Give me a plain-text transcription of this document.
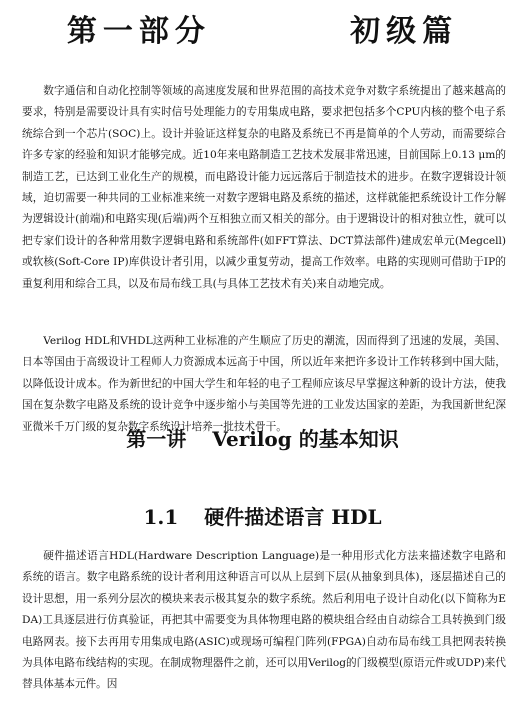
第一部分   初级篇

数字通信和自动化控制等领域的高速度发展和世界范围的高技术竞争对数字系统提出了越来越高的要求，特别是需要设计具有实时信号处理能力的专用集成电路，要求把包括多个CPU内核的整个电子系统综合到一个芯片(SOC)上。设计并验证这样复杂的电路及系统已不再是简单的个人劳动，而需要综合许多专家的经验和知识才能够完成。近10年来电路制造工艺技术发展非常迅速，目前国际上0.13 μm的制造工艺，已达到工业化生产的规模，而电路设计能力远远落后于制造技术的进步。在数字逻辑设计领域，迫切需要一种共同的工业标准来统一对数字逻辑电路及系统的描述，这样就能把系统设计工作分解为逻辑设计(前端)和电路实现(后端)两个互相独立而又相关的部分。由于逻辑设计的相对独立性，就可以把专家们设计的各种常用数字逻辑电路和系统部件(如FFT算法、DCT算法部件)建成宏单元(Megcell)或软核(Soft-Core IP)库供设计者引用，以减少重复劳动，提高工作效率。电路的实现则可借助于IP的重复利用和综合工具，以及布局布线工具(与具体工艺技术有关)来自动地完成。

Verilog HDL和VHDL这两种工业标准的产生顺应了历史的潮流，因而得到了迅速的发展，美国、日本等国由于高级设计工程师人力资源成本远高于中国，所以近年来把许多设计工作转移到中国大陆，以降低设计成本。作为新世纪的中国大学生和年轻的电子工程师应该尽早掌握这种新的设计方法，使我国在复杂数字电路及系统的设计竞争中逐步缩小与美国等先进的工业发达国家的差距，为我国新世纪深亚微米千万门级的复杂数字系统设计培养一批技术骨干。

第一讲 Verilog 的基本知识
1.1 硬件描述语言 HDL

硬件描述语言HDL(Hardware Description Language)是一种用形式化方法来描述数字电路和系统的语言。数字电路系统的设计者利用这种语言可以从上层到下层(从抽象到具体)，逐层描述自己的设计思想，用一系列分层次的模块来表示极其复杂的数字系统。然后利用电子设计自动化(以下简称为EDA)工具逐层进行仿真验证，再把其中需要变为具体物理电路的模块组合经由自动综合工具转换到门级电路网表。接下去再用专用集成电路(ASIC)或现场可编程门阵列(FPGA)自动布局布线工具把网表转换为具体电路布线结构的实现。在制成物理器件之前，还可以用Verilog的门级模型(原语元件或UDP)来代替具体基本元件。因
